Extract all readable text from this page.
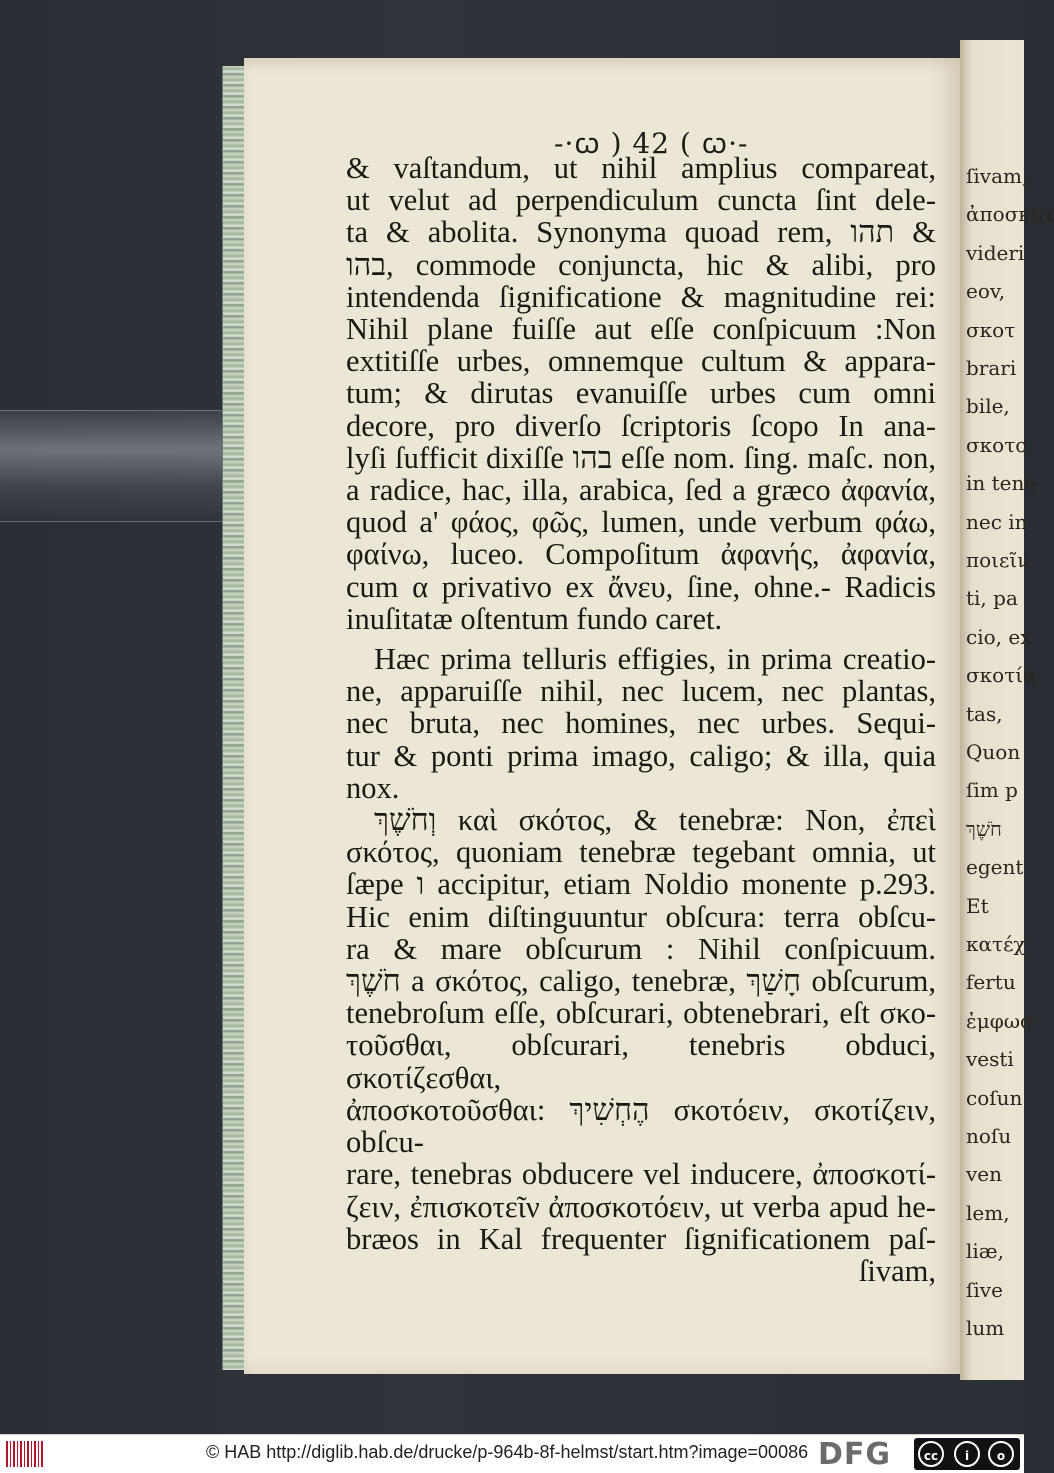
ſivam,
ἀποσκοτ
videri
eov,
σκοτ
brari
bile,
σκοτο
in tene
nec in
ποιεῖν
ti, pa
cio, ex
σκοτία
tas,
Quon
ſim p
חֹשֶׁךְ
egent
Et
κατέχ
fertu
ἐμφωσ
vesti
coſun
noſu
ven
lem,
liæ,
ſive
lum
-·ꞷ ) 42 ( ꞷ·-
& vaſtandum, ut nihil amplius compareat,
ut velut ad perpendiculum cuncta ſint dele-
ta & abolita. Synonyma quoad rem, תהו &
בהו, commode conjuncta, hic & alibi, pro
intendenda ſignificatione & magnitudine rei:
Nihil plane fuiſſe aut eſſe conſpicuum :Non
extitiſſe urbes, omnemque cultum & appara-
tum; & dirutas evanuiſſe urbes cum omni
decore, pro diverſo ſcriptoris ſcopo In ana-
lyſi ſufficit dixiſſe בהו eſſe nom. ſing. maſc. non,
a radice, hac, illa, arabica, ſed a græco ἀφανία,
quod a' φάος, φῶς, lumen, unde verbum φάω,
φαίνω, luceo. Compoſitum ἀφανής, ἀφανία,
cum α privativo ex ἄνευ, ſine, ohne.- Radicis
inuſitatæ oſtentum fundo caret.
Hæc prima telluris effigies, in prima creatio-
ne, apparuiſſe nihil, nec lucem, nec plantas,
nec bruta, nec homines, nec urbes. Sequi-
tur & ponti prima imago, caligo; & illa, quia nox.
וְחֹשֶׁךְ καὶ σκότος, & tenebræ: Non, ἐπεὶ
σκότος, quoniam tenebræ tegebant omnia, ut
ſæpe ו accipitur, etiam Noldio monente p.293.
Hic enim diſtinguuntur obſcura: terra obſcu-
ra & mare obſcurum : Nihil conſpicuum.
חֹשֶׁךְ a σκότος, caligo, tenebræ, חָשַׁךְ obſcurum,
tenebroſum eſſe, obſcurari, obtenebrari, eſt σκο-
τοῦσθαι, obſcurari, tenebris obduci, σκοτίζεσθαι,
ἀποσκοτοῦσθαι: הֶחְשִׁיךְ σκοτόειν, σκοτίζειν, obſcu-
rare, tenebras obducere vel inducere, ἀποσκοτί-
ζειν, ἐπισκοτεῖν ἀποσκοτόειν, ut verba apud he-
bræos in Kal frequenter ſignificationem paſ-
ſivam,
© HAB http://diglib.hab.de/drucke/p-964b-8f-helmst/start.htm?image=00086 DFG	cc	i	o
